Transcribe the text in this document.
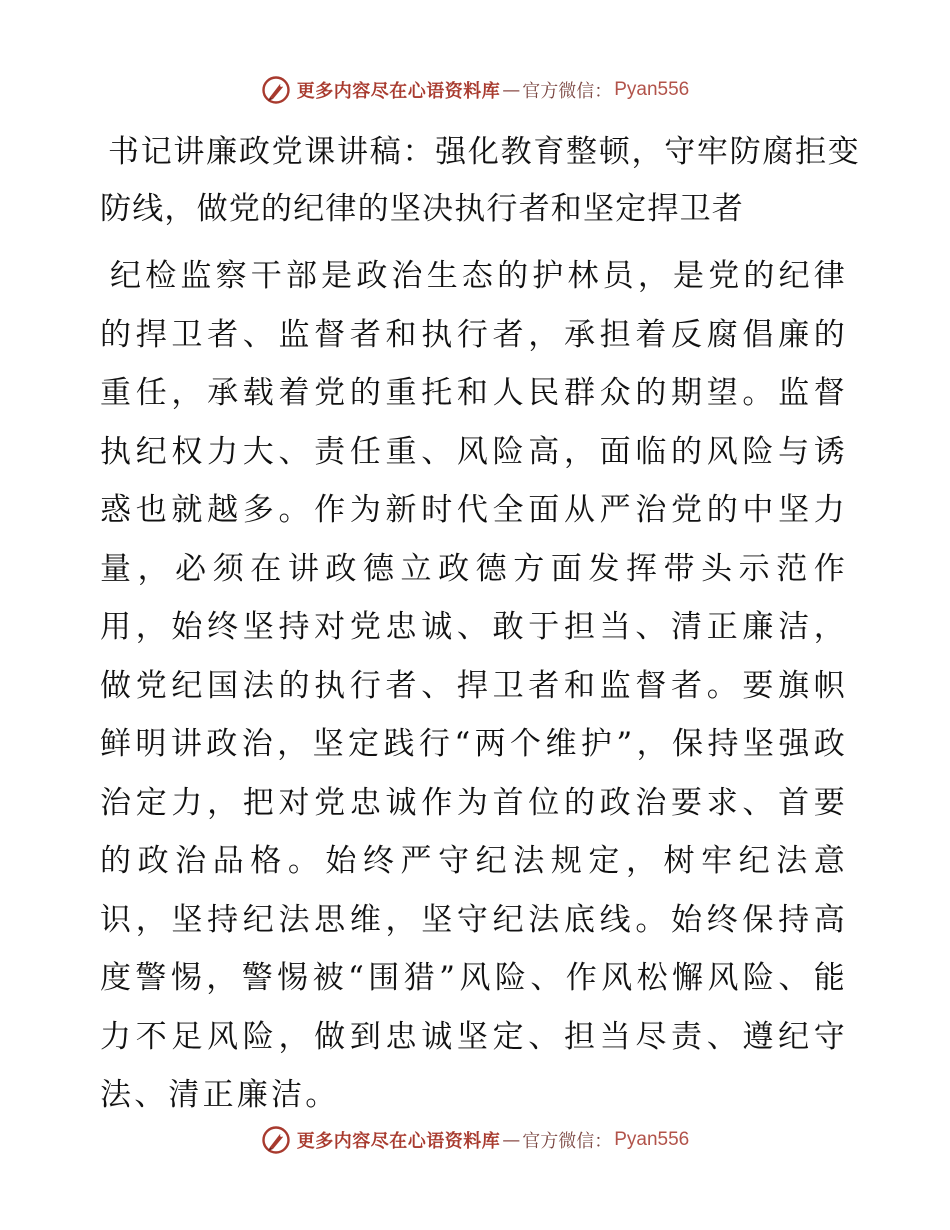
更多内容尽在心语资料库 — 官方微信： Pyan556
书记讲廉政党课讲稿：强化教育整顿，守牢防腐拒变防线，做党的纪律的坚决执行者和坚定捍卫者

纪检监察干部是政治生态的护林员，是党的纪律的捍卫者、监督者和执行者，承担着反腐倡廉的重任，承载着党的重托和人民群众的期望。监督执纪权力大、责任重、风险高，面临的风险与诱惑也就越多。作为新时代全面从严治党的中坚力量，必须在讲政德立政德方面发挥带头示范作用，始终坚持对党忠诚、敢于担当、清正廉洁，做党纪国法的执行者、捍卫者和监督者。要旗帜鲜明讲政治，坚定践行“两个维护”，保持坚强政治定力，把对党忠诚作为首位的政治要求、首要的政治品格。始终严守纪法规定，树牢纪法意识，坚持纪法思维，坚守纪法底线。始终保持高度警惕，警惕被“围猎”风险、作风松懈风险、能力不足风险，做到忠诚坚定、担当尽责、遵纪守法、清正廉洁。

更多内容尽在心语资料库 — 官方微信： Pyan556
